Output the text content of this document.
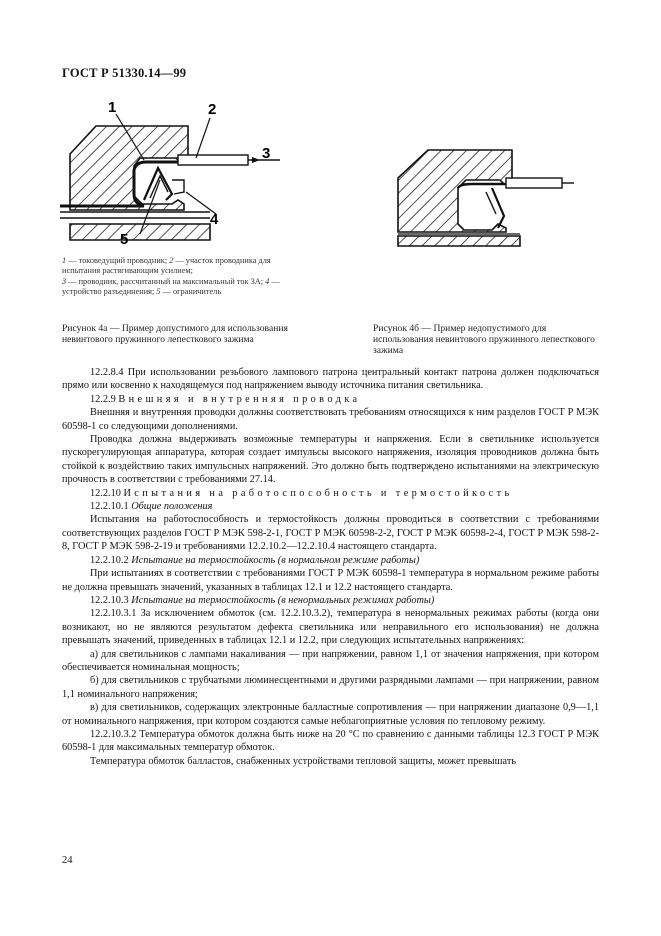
ГОСТ Р 51330.14—99
1	2
3
4
5
1 — токоведущий проводник; 2 — участок проводника для испытания растягивающим усилием;
3 — проводник, рассчитанный на максимальный ток 3А; 4 — устройство разъединения; 5 — ограничитель
Рисунок 4а — Пример допустимого для использования невинтового пружинного лепесткового зажима
Рисунок 4б — Пример недопустимого для использования невинтового пружинного лепесткового зажима

12.2.8.4 При использовании резьбового лампового патрона центральный контакт патрона должен подключаться прямо или косвенно к находящемуся под напряжением выводу источника питания светильника.

12.2.9 Внешняя и внутренняя проводка

Внешняя и внутренняя проводки должны соответствовать требованиям относящихся к ним разделов ГОСТ Р МЭК 60598-1 со следующими дополнениями.

Проводка должна выдерживать возможные температуры и напряжения. Если в светильнике используется пускорегулирующая аппаратура, которая создает импульсы высокого напряжения, изоляция проводников должна быть стойкой к воздействию таких импульсных напряжений. Это должно быть подтверждено испытаниями на электрическую прочность в соответствии с требованиями 27.14.

12.2.10 Испытания на работоспособность и термостойкость

12.2.10.1 Общие положения

Испытания на работоспособность и термостойкость должны проводиться в соответствии с требованиями соответствующих разделов ГОСТ Р МЭК 598-2-1, ГОСТ Р МЭК 60598-2-2, ГОСТ Р МЭК 60598-2-4, ГОСТ Р МЭК 598-2-8, ГОСТ Р МЭК 598-2-19 и требованиями 12.2.10.2—12.2.10.4 настоящего стандарта.

12.2.10.2 Испытание на термостойкость (в нормальном режиме работы)

При испытаниях в соответствии с требованиями ГОСТ Р МЭК 60598-1 температура в нормальном режиме работы не должна превышать значений, указанных в таблицах 12.1 и 12.2 настоящего стандарта.

12.2.10.3 Испытание на термостойкость (в ненормальных режимах работы)

12.2.10.3.1 За исключением обмоток (см. 12.2.10.3.2), температура в ненормальных режимах работы (когда они возникают, но не являются результатом дефекта светильника или неправильного его использования) не должна превышать значений, приведенных в таблицах 12.1 и 12.2, при следующих испытательных напряжениях:

а) для светильников с лампами накаливания — при напряжении, равном 1,1 от значения напряжения, при котором обеспечивается номинальная мощность;

б) для светильников с трубчатыми люминесцентными и другими разрядными лампами — при напряжении, равном 1,1 номинального напряжения;

в) для светильников, содержащих электронные балластные сопротивления — при напряжении диапазоне 0,9—1,1 от номинального напряжения, при котором создаются самые неблагоприятные условия по тепловому режиму.

12.2.10.3.2 Температура обмоток должна быть ниже на 20 °С по сравнению с данными таблицы 12.3 ГОСТ Р МЭК 60598-1 для максимальных температур обмоток.

Температура обмоток балластов, снабженных устройствами тепловой защиты, может превышать

24
